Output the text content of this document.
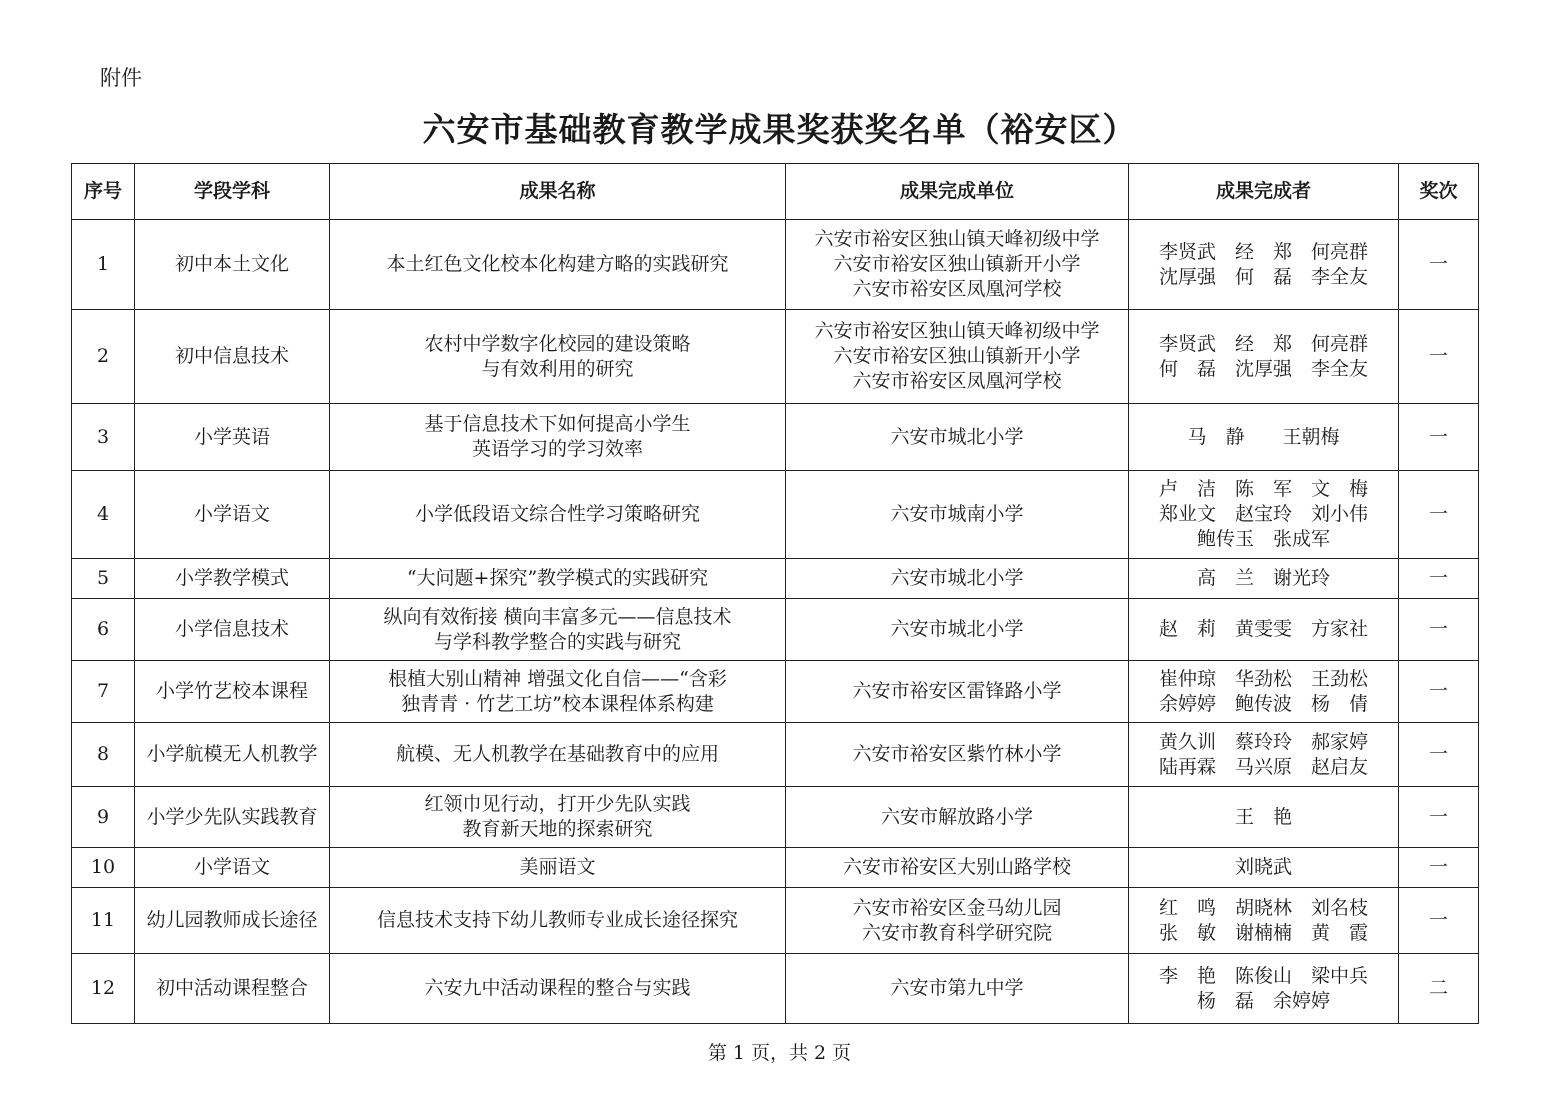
附件
六安市基础教育教学成果奖获奖名单（裕安区）
序号	学段学科	成果名称	成果完成单位	成果完成者	奖次
1	初中本土文化	本土红色文化校本化构建方略的实践研究	六安市裕安区独山镇天峰初级中学
六安市裕安区独山镇新开小学
六安市裕安区凤凰河学校	李贤武　经　郑　何亮群
沈厚强　何　磊　李全友	一
2	初中信息技术	农村中学数字化校园的建设策略
与有效利用的研究	六安市裕安区独山镇天峰初级中学
六安市裕安区独山镇新开小学
六安市裕安区凤凰河学校	李贤武　经　郑　何亮群
何　磊　沈厚强　李全友	一
3	小学英语	基于信息技术下如何提高小学生
英语学习的学习效率	六安市城北小学	马　静　　王朝梅	一
4	小学语文	小学低段语文综合性学习策略研究	六安市城南小学	卢　洁　陈　军　文　梅
郑业文　赵宝玲　刘小伟
鲍传玉　张成军	一
5	小学教学模式	“大问题+探究”教学模式的实践研究	六安市城北小学	高　兰　谢光玲	一
6	小学信息技术	纵向有效衔接 横向丰富多元——信息技术
与学科教学整合的实践与研究	六安市城北小学	赵　莉　黄雯雯　方家社	一
7	小学竹艺校本课程	根植大别山精神 增强文化自信——“含彩
独青青 · 竹艺工坊”校本课程体系构建	六安市裕安区雷锋路小学	崔仲琼　华劲松　王劲松
余婷婷　鲍传波　杨　倩	一
8	小学航模无人机教学	航模、无人机教学在基础教育中的应用	六安市裕安区紫竹林小学	黄久训　蔡玲玲　郝家婷
陆再霖　马兴原　赵启友	一
9	小学少先队实践教育	红领巾见行动，打开少先队实践
教育新天地的探索研究	六安市解放路小学	王　艳	一
10	小学语文	美丽语文	六安市裕安区大别山路学校	刘晓武	一
11	幼儿园教师成长途径	信息技术支持下幼儿教师专业成长途径探究	六安市裕安区金马幼儿园
六安市教育科学研究院	红　鸣　胡晓林　刘名枝
张　敏　谢楠楠　黄　霞	一
12	初中活动课程整合	六安九中活动课程的整合与实践	六安市第九中学	李　艳　陈俊山　梁中兵
杨　磊　余婷婷	二
第 1 页，共 2 页
